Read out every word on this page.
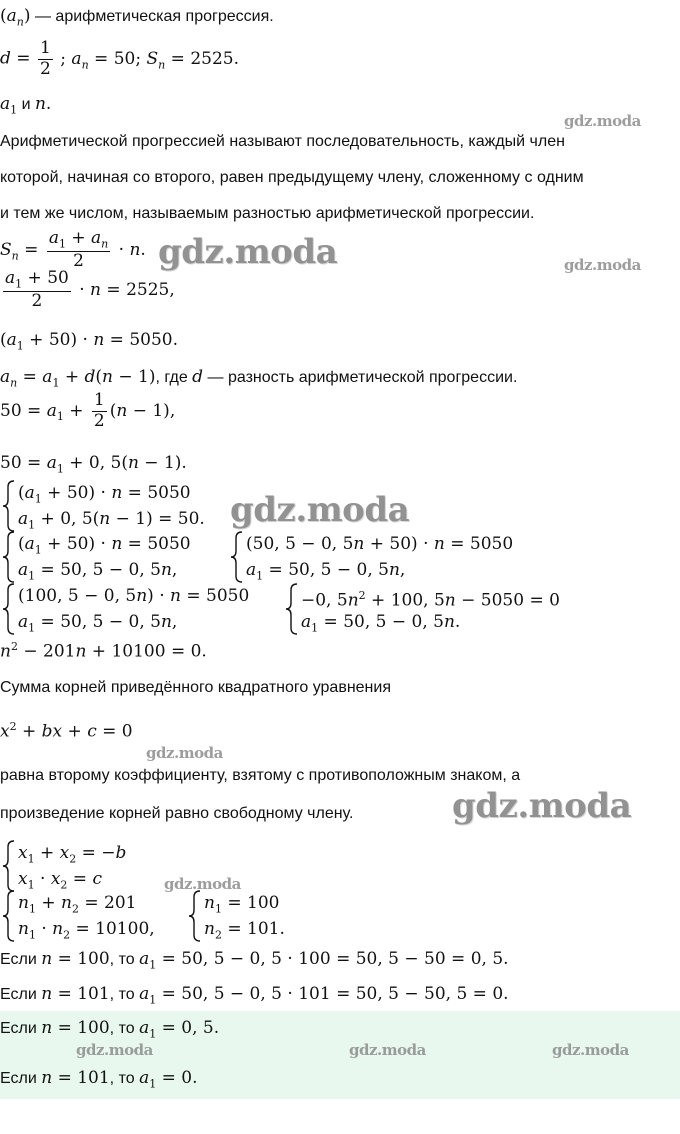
$(a_n)$ — арифметическая прогрессия.
$d = \frac{1}{2}$ ; $a_n = 50$; $S_n = 2525$.
$a_1$ и n.
Арифметической прогрессией называют последовательность, каждый член
которой, начиная со второго, равен предыдущему члену, сложенному с одним
и тем же числом, называемым разностью арифметической прогрессии.
$S_n = \frac{a_1 + a_n}{2} \cdot n$.
$\frac{a_1 + 50}{2} \cdot n = 2525$,
$(a_1 + 50) \cdot n = 5050$.
$a_n = a_1 + d(n - 1)$, где d — разность арифметической прогрессии.
$50 = a_1 + \frac{1}{2} (n - 1)$,
$50 = a_1 + 0$, 5(n − 1).
$(a_1 + 50) \cdot n = 5050$
$a_1 + 0$, 5(n − 1) = 50.
$(a_1 + 50) \cdot n = 5050$
$a_1 = 50$, 5 − 0, 5n,
(50, 5 − 0, 5n + 50) · n = 5050
$a_1 = 50$, 5 − 0, 5n,
(100, 5 − 0, 5n) · n = 5050
$a_1 = 50$, 5 − 0, 5n,
−0, $5n^2 + 100$, 5n − 5050 = 0
$a_1 = 50$, 5 − 0, 5n.
$n^2 - 201n + 10100 = 0$.
Сумма корней приведённого квадратного уравнения
$x^2$ + bx + c = 0
равна второму коэффициенту, взятому с противоположным знаком, а
произведение корней равно свободному члену.
$x_1 + x_2 = -b$
$x_1 \cdot x_2 = c$
$n_1 + n_2 = 201$
$n_1 \cdot n_2 = 10100$,
$n_1 = 100$
$n_2 = 101$.
Если n = 100, то $a_1 = 50$, 5 − 0, 5 · 100 = 50, 5 − 50 = 0, 5.
Если n = 101, то $a_1 = 50$, 5 − 0, 5 · 101 = 50, 5 − 50, 5 = 0.
Если n = 100, то $a_1 = 0$, 5.
Если n = 101, то $a_1 = 0$.
gdz.moda
gdz.moda	gdz.moda
gdz.moda
gdz.moda
gdz.moda
gdz.moda
gdz.moda	gdz.moda	gdz.moda
